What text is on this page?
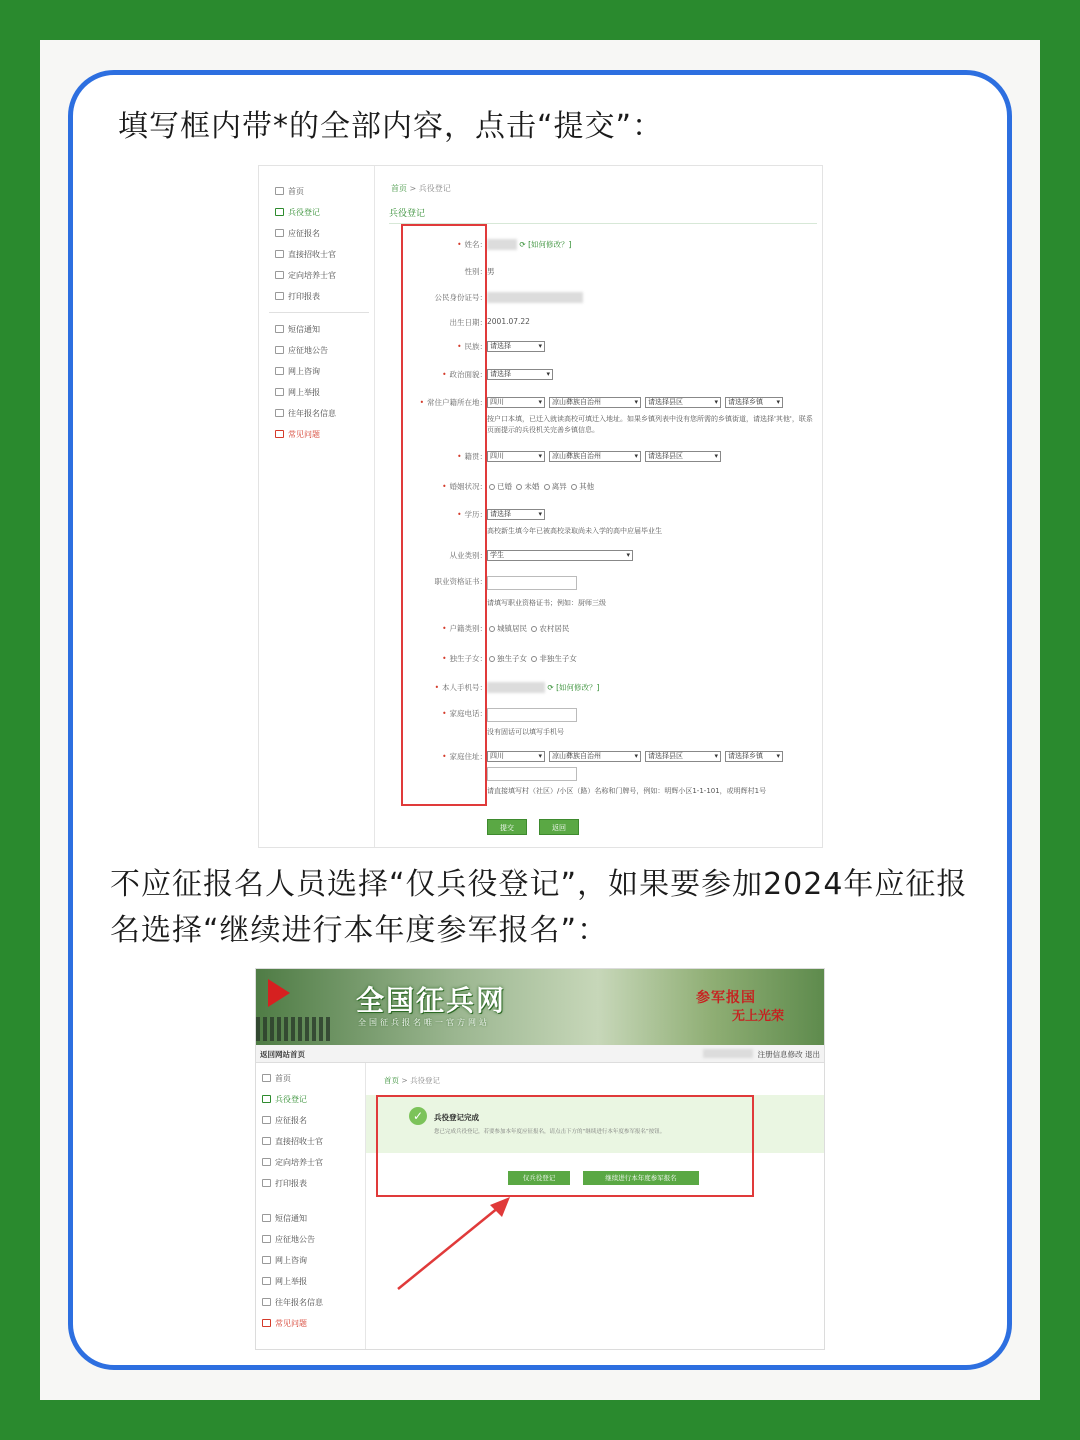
填写框内带*的全部内容，点击“提交”：
首页
兵役登记
应征报名
直接招收士官
定向培养士官
打印报表
短信通知
应征地公告
网上咨询
网上举报
往年报名信息
常见问题
首页 > 兵役登记
兵役登记
• 姓名：	⟳ [如何修改？]
性别： 男
公民身份证号：
出生日期： 2001.07.22
• 民族： 请选择 ▾
• 政治面貌： 请选择 ▾
• 常住户籍所在地： 四川 ▾	凉山彝族自治州 ▾	请选择县区 ▾	请选择乡镇 ▾
按户口本填，已迁入就读高校可填迁入地址。如果乡镇列表中没有您所需的乡镇街道，请选择'其他'，联系页面提示的兵役机关完善乡镇信息。
• 籍贯： 四川 ▾	凉山彝族自治州 ▾	请选择县区 ▾
• 婚姻状况：	已婚 未婚 离异 其他
• 学历： 请选择 ▾
高校新生填今年已被高校录取尚未入学的高中应届毕业生
从业类别： 学生 ▾
职业资格证书：
请填写职业资格证书；例如：厨师三级
• 户籍类别：	城镇居民 农村居民
• 独生子女：	独生子女 非独生子女
• 本人手机号：	⟳ [如何修改？]
• 家庭电话：
没有固话可以填写手机号
• 家庭住址： 四川 ▾	凉山彝族自治州 ▾	请选择县区 ▾	请选择乡镇 ▾
请直接填写村（社区）/小区（路）名称和门牌号，例如：明辉小区1-1-101，或明辉村1号
提交	返回
不应征报名人员选择“仅兵役登记”，如果要参加2024年应征报名选择“继续进行本年度参军报名”：
全国征兵网
全国征兵报名唯一官方网站
参军报国
无上光荣
返回网站首页	注册信息修改 退出
首页
兵役登记
应征报名
直接招收士官
定向培养士官
打印报表
短信通知
应征地公告
网上咨询
网上举报
往年报名信息
常见问题
首页 > 兵役登记
✓	兵役登记完成
您已完成兵役登记，若要参加本年度应征报名，请点击下方的“继续进行本年度参军报名”按钮。
仅兵役登记	继续进行本年度参军报名
